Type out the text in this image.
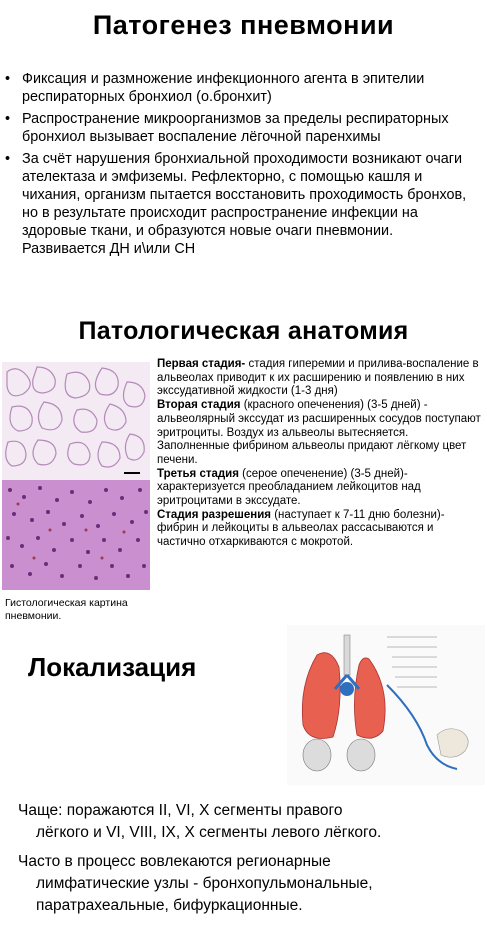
Патогенез пневмонии
• Фиксация и размножение инфекционного агента в эпителии респираторных бронхиол (о.бронхит)
• Распространение микроорганизмов за пределы респираторных бронхиол вызывает воспаление лёгочной паренхимы
• За счёт нарушения бронхиальной проходимости возникают очаги ателектаза и эмфиземы. Рефлекторно, с помощью кашля и чихания, организм пытается восстановить проходимость бронхов, но в результате происходит распространение инфекции на здоровые ткани, и образуются новые очаги пневмонии. Развивается ДН и\или СН
Патологическая анатомия
Гистологическая картина
пневмонии.

Первая стадия- стадия гиперемии и прилива-воспаление в альвеолах приводит к их расширению и появлению в них экссудативной жидкости (1-3 дня)

Вторая стадия (красного опеченения) (3-5 дней) - альвеолярный экссудат из расширенных сосудов поступают эритроциты. Воздух из альвеолы вытесняется. Заполненные фибрином альвеолы придают лёгкому цвет печени.

Третья стадия (серое опеченение) (3-5 дней)-характеризуется преобладанием лейкоцитов над эритроцитами в экссудате.

Стадия разрешения (наступает к 7-11 дню болезни)- фибрин и лейкоциты в альвеолах рассасываются и частично отхаркиваются с мокротой.

Локализация
Чаще: поражаются II, VI, X сегменты правого
лёгкого и VI, VIII, IX, X сегменты левого лёгкого.
Часто в процесс вовлекаются регионарные
лимфатические узлы - бронхопульмональные,
паратрахеальные, бифуркационные.
